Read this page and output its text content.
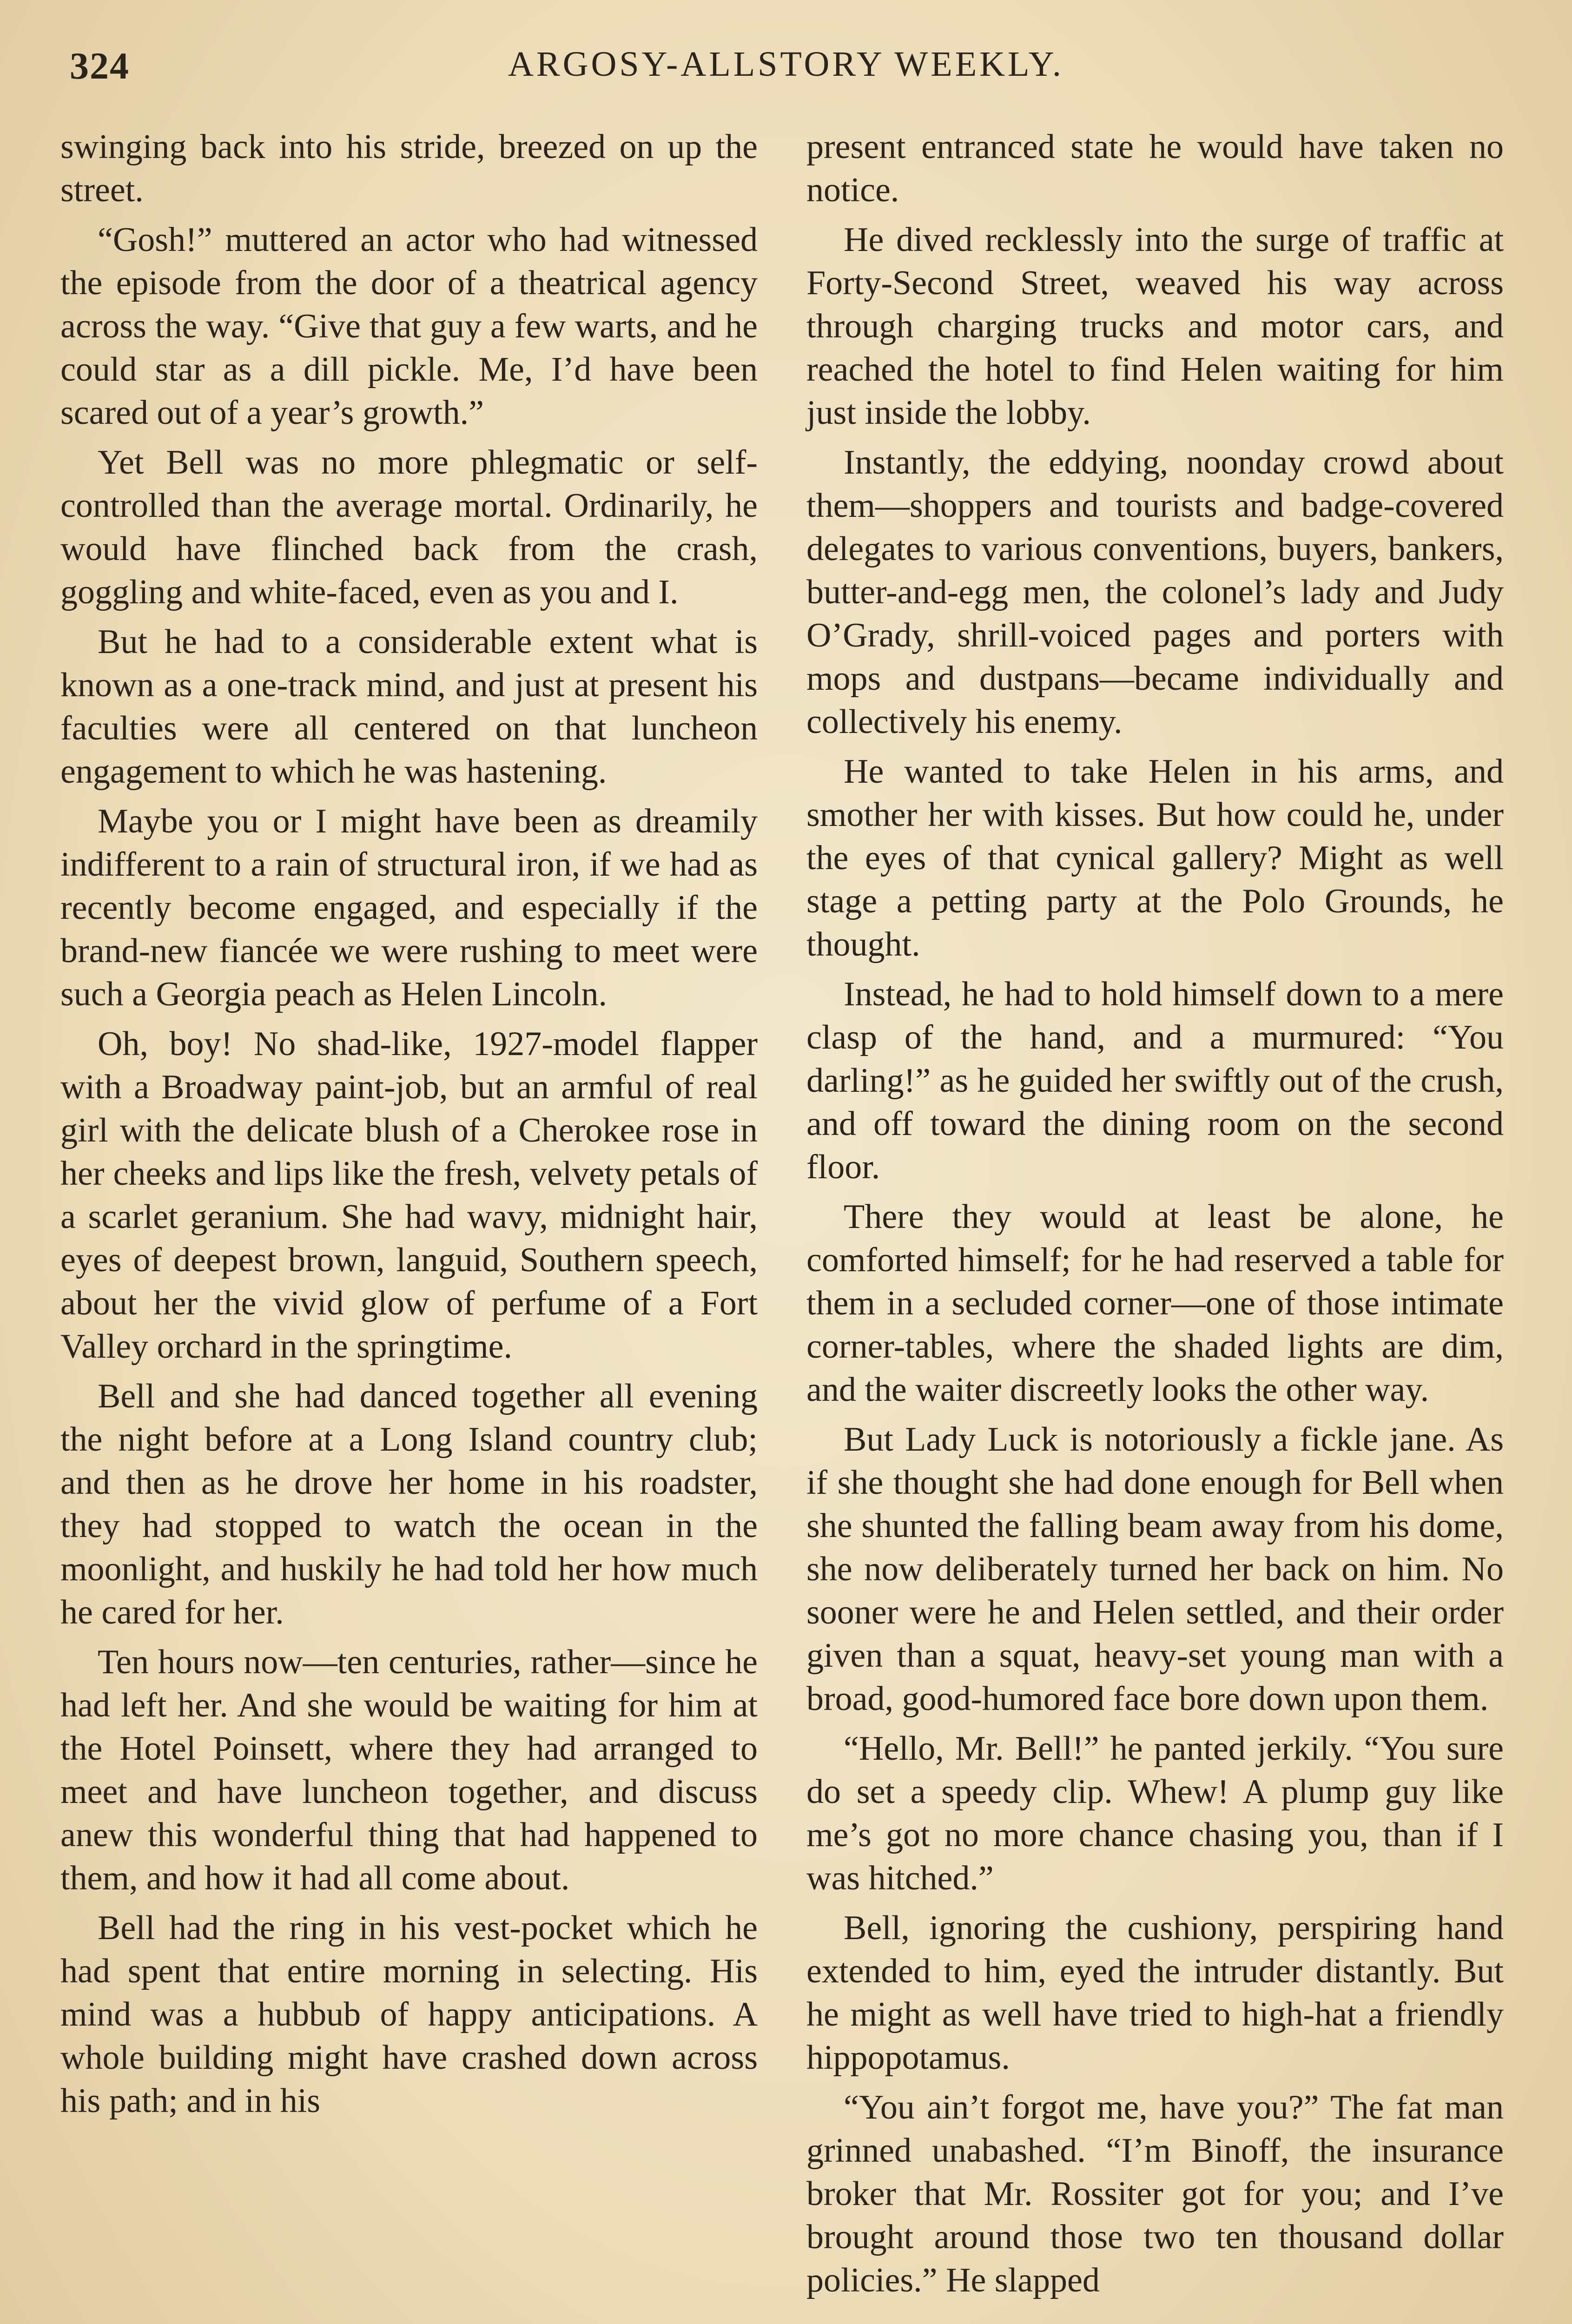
324	ARGOSY-ALLSTORY WEEKLY.

swinging back into his stride, breezed on up the street.

“Gosh!” muttered an actor who had witnessed the episode from the door of a theatrical agency across the way. “Give that guy a few warts, and he could star as a dill pickle. Me, I’d have been scared out of a year’s growth.”

Yet Bell was no more phlegmatic or self-controlled than the average mortal. Ordinarily, he would have flinched back from the crash, goggling and white-faced, even as you and I.

But he had to a considerable extent what is known as a one-track mind, and just at present his faculties were all centered on that luncheon engagement to which he was hastening.

Maybe you or I might have been as dreamily indifferent to a rain of structural iron, if we had as recently become engaged, and especially if the brand-new fiancée we were rushing to meet were such a Georgia peach as Helen Lincoln.

Oh, boy! No shad-like, 1927-model flapper with a Broadway paint-job, but an armful of real girl with the delicate blush of a Cherokee rose in her cheeks and lips like the fresh, velvety petals of a scarlet geranium. She had wavy, midnight hair, eyes of deepest brown, languid, Southern speech, about her the vivid glow of perfume of a Fort Valley orchard in the springtime.

Bell and she had danced together all evening the night before at a Long Island country club; and then as he drove her home in his roadster, they had stopped to watch the ocean in the moonlight, and huskily he had told her how much he cared for her.

Ten hours now—ten centuries, rather—since he had left her. And she would be waiting for him at the Hotel Poinsett, where they had arranged to meet and have luncheon together, and discuss anew this wonderful thing that had happened to them, and how it had all come about.

Bell had the ring in his vest-pocket which he had spent that entire morning in selecting. His mind was a hubbub of happy anticipations. A whole building might have crashed down across his path; and in his

present entranced state he would have taken no notice.

He dived recklessly into the surge of traffic at Forty-Second Street, weaved his way across through charging trucks and motor cars, and reached the hotel to find Helen waiting for him just inside the lobby.

Instantly, the eddying, noonday crowd about them—shoppers and tourists and badge-covered delegates to various conventions, buyers, bankers, butter-and-egg men, the colonel’s lady and Judy O’Grady, shrill-voiced pages and porters with mops and dustpans—became individually and collectively his enemy.

He wanted to take Helen in his arms, and smother her with kisses. But how could he, under the eyes of that cynical gallery? Might as well stage a petting party at the Polo Grounds, he thought.

Instead, he had to hold himself down to a mere clasp of the hand, and a murmured: “You darling!” as he guided her swiftly out of the crush, and off toward the dining room on the second floor.

There they would at least be alone, he comforted himself; for he had reserved a table for them in a secluded corner—one of those intimate corner-tables, where the shaded lights are dim, and the waiter discreetly looks the other way.

But Lady Luck is notoriously a fickle jane. As if she thought she had done enough for Bell when she shunted the falling beam away from his dome, she now deliberately turned her back on him. No sooner were he and Helen settled, and their order given than a squat, heavy-set young man with a broad, good-humored face bore down upon them.

“Hello, Mr. Bell!” he panted jerkily. “You sure do set a speedy clip. Whew! A plump guy like me’s got no more chance chasing you, than if I was hitched.”

Bell, ignoring the cushiony, perspiring hand extended to him, eyed the intruder distantly. But he might as well have tried to high-hat a friendly hippopotamus.

“You ain’t forgot me, have you?” The fat man grinned unabashed. “I’m Binoff, the insurance broker that Mr. Rossiter got for you; and I’ve brought around those two ten thousand dollar policies.” He slapped
